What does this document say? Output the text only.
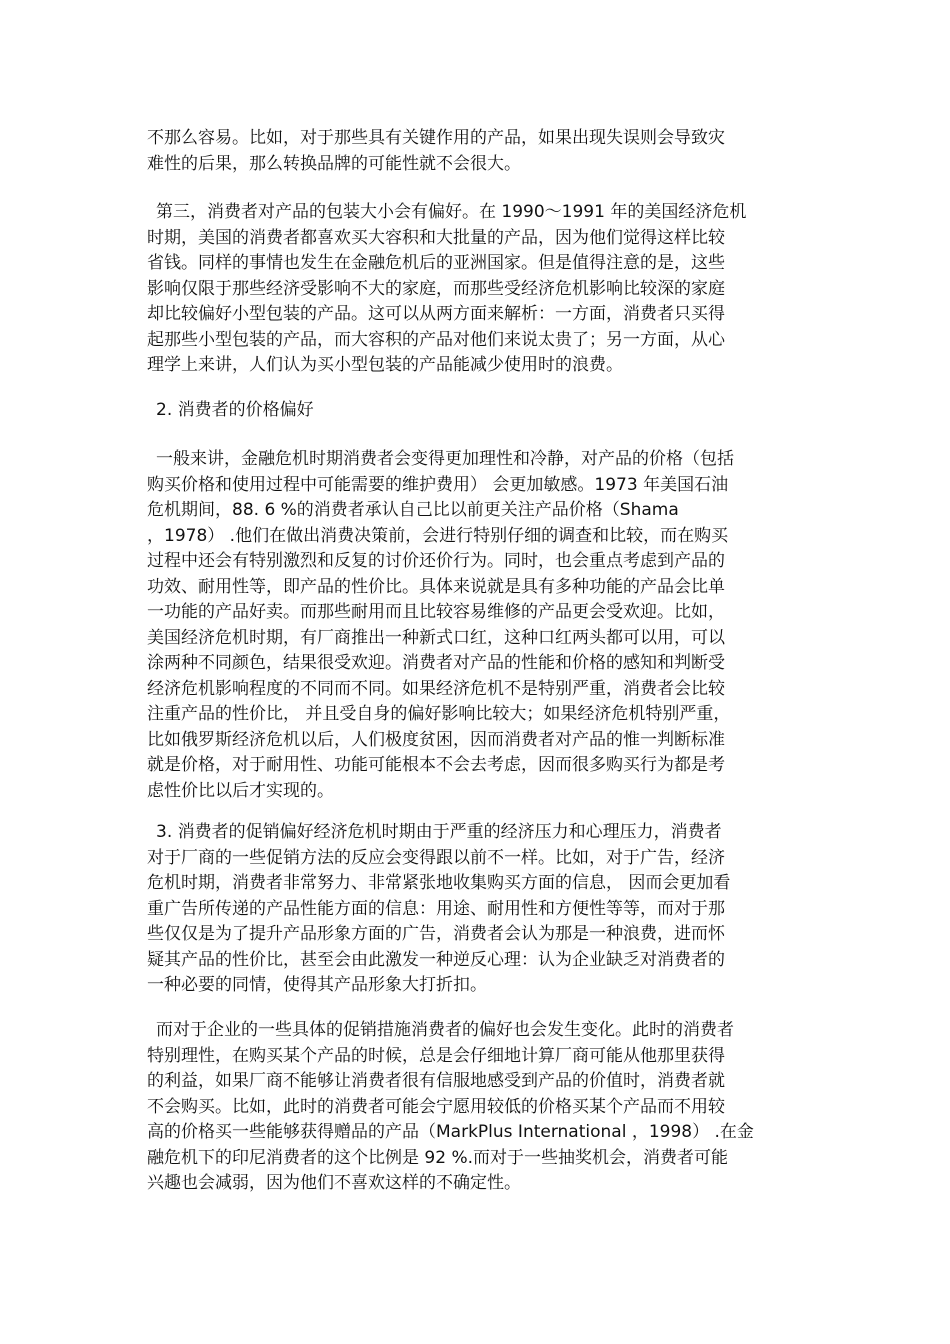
不那么容易。比如，对于那些具有关键作用的产品，如果出现失误则会导致灾
难性的后果，那么转换品牌的可能性就不会很大。
第三，消费者对产品的包装大小会有偏好。在 1990～1991 年的美国经济危机
时期，美国的消费者都喜欢买大容积和大批量的产品，因为他们觉得这样比较
省钱。同样的事情也发生在金融危机后的亚洲国家。但是值得注意的是，这些
影响仅限于那些经济受影响不大的家庭，而那些受经济危机影响比较深的家庭
却比较偏好小型包装的产品。这可以从两方面来解析：一方面，消费者只买得
起那些小型包装的产品，而大容积的产品对他们来说太贵了；另一方面，从心
理学上来讲，人们认为买小型包装的产品能减少使用时的浪费。
2. 消费者的价格偏好
一般来讲，金融危机时期消费者会变得更加理性和冷静，对产品的价格（包括
购买价格和使用过程中可能需要的维护费用） 会更加敏感。1973 年美国石油
危机期间，88. 6 %的消费者承认自己比以前更关注产品价格（Shama
，1978） .他们在做出消费决策前，会进行特别仔细的调查和比较，而在购买
过程中还会有特别激烈和反复的讨价还价行为。同时，也会重点考虑到产品的
功效、耐用性等，即产品的性价比。具体来说就是具有多种功能的产品会比单
一功能的产品好卖。而那些耐用而且比较容易维修的产品更会受欢迎。比如，
美国经济危机时期，有厂商推出一种新式口红，这种口红两头都可以用，可以
涂两种不同颜色，结果很受欢迎。消费者对产品的性能和价格的感知和判断受
经济危机影响程度的不同而不同。如果经济危机不是特别严重，消费者会比较
注重产品的性价比， 并且受自身的偏好影响比较大；如果经济危机特别严重，
比如俄罗斯经济危机以后，人们极度贫困，因而消费者对产品的惟一判断标准
就是价格，对于耐用性、功能可能根本不会去考虑，因而很多购买行为都是考
虑性价比以后才实现的。
3. 消费者的促销偏好经济危机时期由于严重的经济压力和心理压力，消费者
对于厂商的一些促销方法的反应会变得跟以前不一样。比如，对于广告，经济
危机时期，消费者非常努力、非常紧张地收集购买方面的信息， 因而会更加看
重广告所传递的产品性能方面的信息：用途、耐用性和方便性等等，而对于那
些仅仅是为了提升产品形象方面的广告，消费者会认为那是一种浪费，进而怀
疑其产品的性价比，甚至会由此激发一种逆反心理：认为企业缺乏对消费者的
一种必要的同情，使得其产品形象大打折扣。
而对于企业的一些具体的促销措施消费者的偏好也会发生变化。此时的消费者
特别理性，在购买某个产品的时候，总是会仔细地计算厂商可能从他那里获得
的利益，如果厂商不能够让消费者很有信服地感受到产品的价值时，消费者就
不会购买。比如，此时的消费者可能会宁愿用较低的价格买某个产品而不用较
高的价格买一些能够获得赠品的产品（MarkPlus International ，1998） .在金
融危机下的印尼消费者的这个比例是 92 %.而对于一些抽奖机会，消费者可能
兴趣也会减弱，因为他们不喜欢这样的不确定性。
